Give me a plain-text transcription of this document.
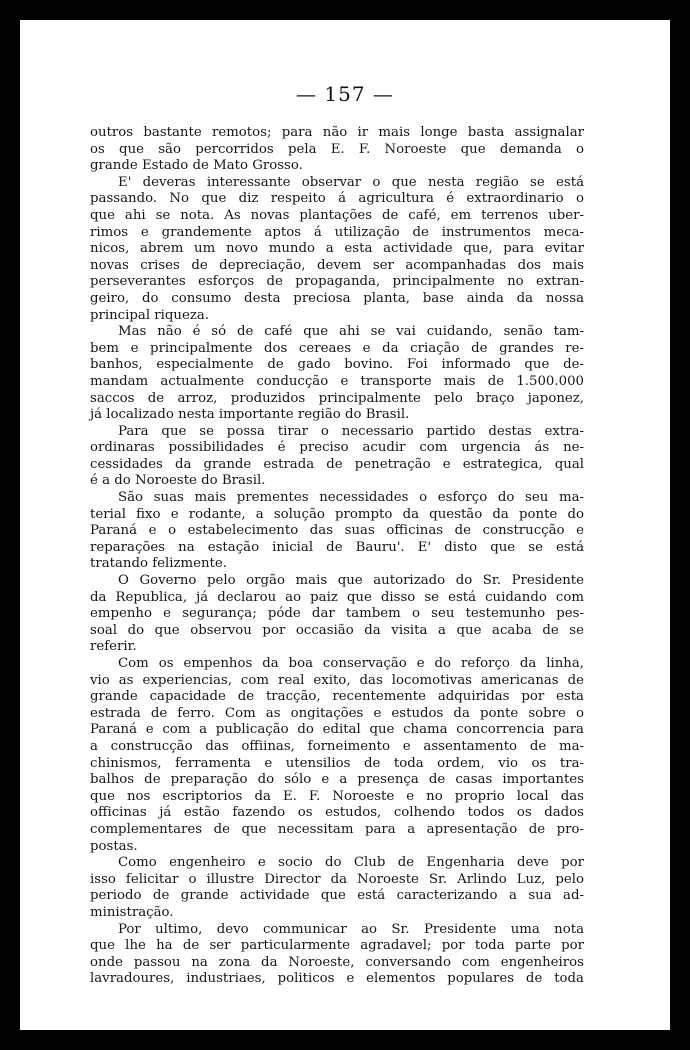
— 157 —
outros bastante remotos; para não ir mais longe basta assignalar
os que são percorridos pela E. F. Noroeste que demanda o
grande Estado de Mato Grosso.
E' deveras interessante observar o que nesta região se está
passando. No que diz respeito á agricultura é extraordinario o
que ahi se nota. As novas plantações de café, em terrenos uber-
rimos e grandemente aptos á utilização de instrumentos meca-
nicos, abrem um novo mundo a esta actividade que, para evitar
novas crises de depreciação, devem ser acompanhadas dos mais
perseverantes esforços de propaganda, principalmente no extran-
geiro, do consumo desta preciosa planta, base ainda da nossa
principal riqueza.
Mas não é só de café que ahi se vai cuidando, senão tam-
bem e principalmente dos cereaes e da criação de grandes re-
banhos, especialmente de gado bovino. Foi informado que de-
mandam actualmente conducção e transporte mais de 1.500.000
saccos de arroz, produzidos principalmente pelo braço japonez,
já localizado nesta importante região do Brasil.
Para que se possa tirar o necessario partido destas extra-
ordinaras possibilidades é preciso acudir com urgencia ás ne-
cessidades da grande estrada de penetração e estrategica, qual
é a do Noroeste do Brasil.
São suas mais prementes necessidades o esforço do seu ma-
terial fixo e rodante, a solução prompto da questão da ponte do
Paraná e o estabelecimento das suas officinas de construcção e
reparações na estação inicial de Bauru'. E' disto que se está
tratando felizmente.
O Governo pelo orgão mais que autorizado do Sr. Presidente
da Republica, já declarou ao paiz que disso se está cuidando com
empenho e segurança; póde dar tambem o seu testemunho pes-
soal do que observou por occasião da visita a que acaba de se
referir.
Com os empenhos da boa conservação e do reforço da linha,
vio as experiencias, com real exito, das locomotivas americanas de
grande capacidade de tracção, recentemente adquiridas por esta
estrada de ferro. Com as ongitações e estudos da ponte sobre o
Paraná e com a publicação do edital que chama concorrencia para
a construcção das offiinas, forneimento e assentamento de ma-
chinismos, ferramenta e utensilios de toda ordem, vio os tra-
balhos de preparação do sólo e a presença de casas importantes
que nos escriptorios da E. F. Noroeste e no proprio local das
officinas já estão fazendo os estudos, colhendo todos os dados
complementares de que necessitam para a apresentação de pro-
postas.
Como engenheiro e socio do Club de Engenharia deve por
isso felicitar o illustre Director da Noroeste Sr. Arlindo Luz, pelo
periodo de grande actividade que está caracterizando a sua ad-
ministração.
Por ultimo, devo communicar ao Sr. Presidente uma nota
que lhe ha de ser particularmente agradavel; por toda parte por
onde passou na zona da Noroeste, conversando com engenheiros
lavradoures, industriaes, politicos e elementos populares de toda
